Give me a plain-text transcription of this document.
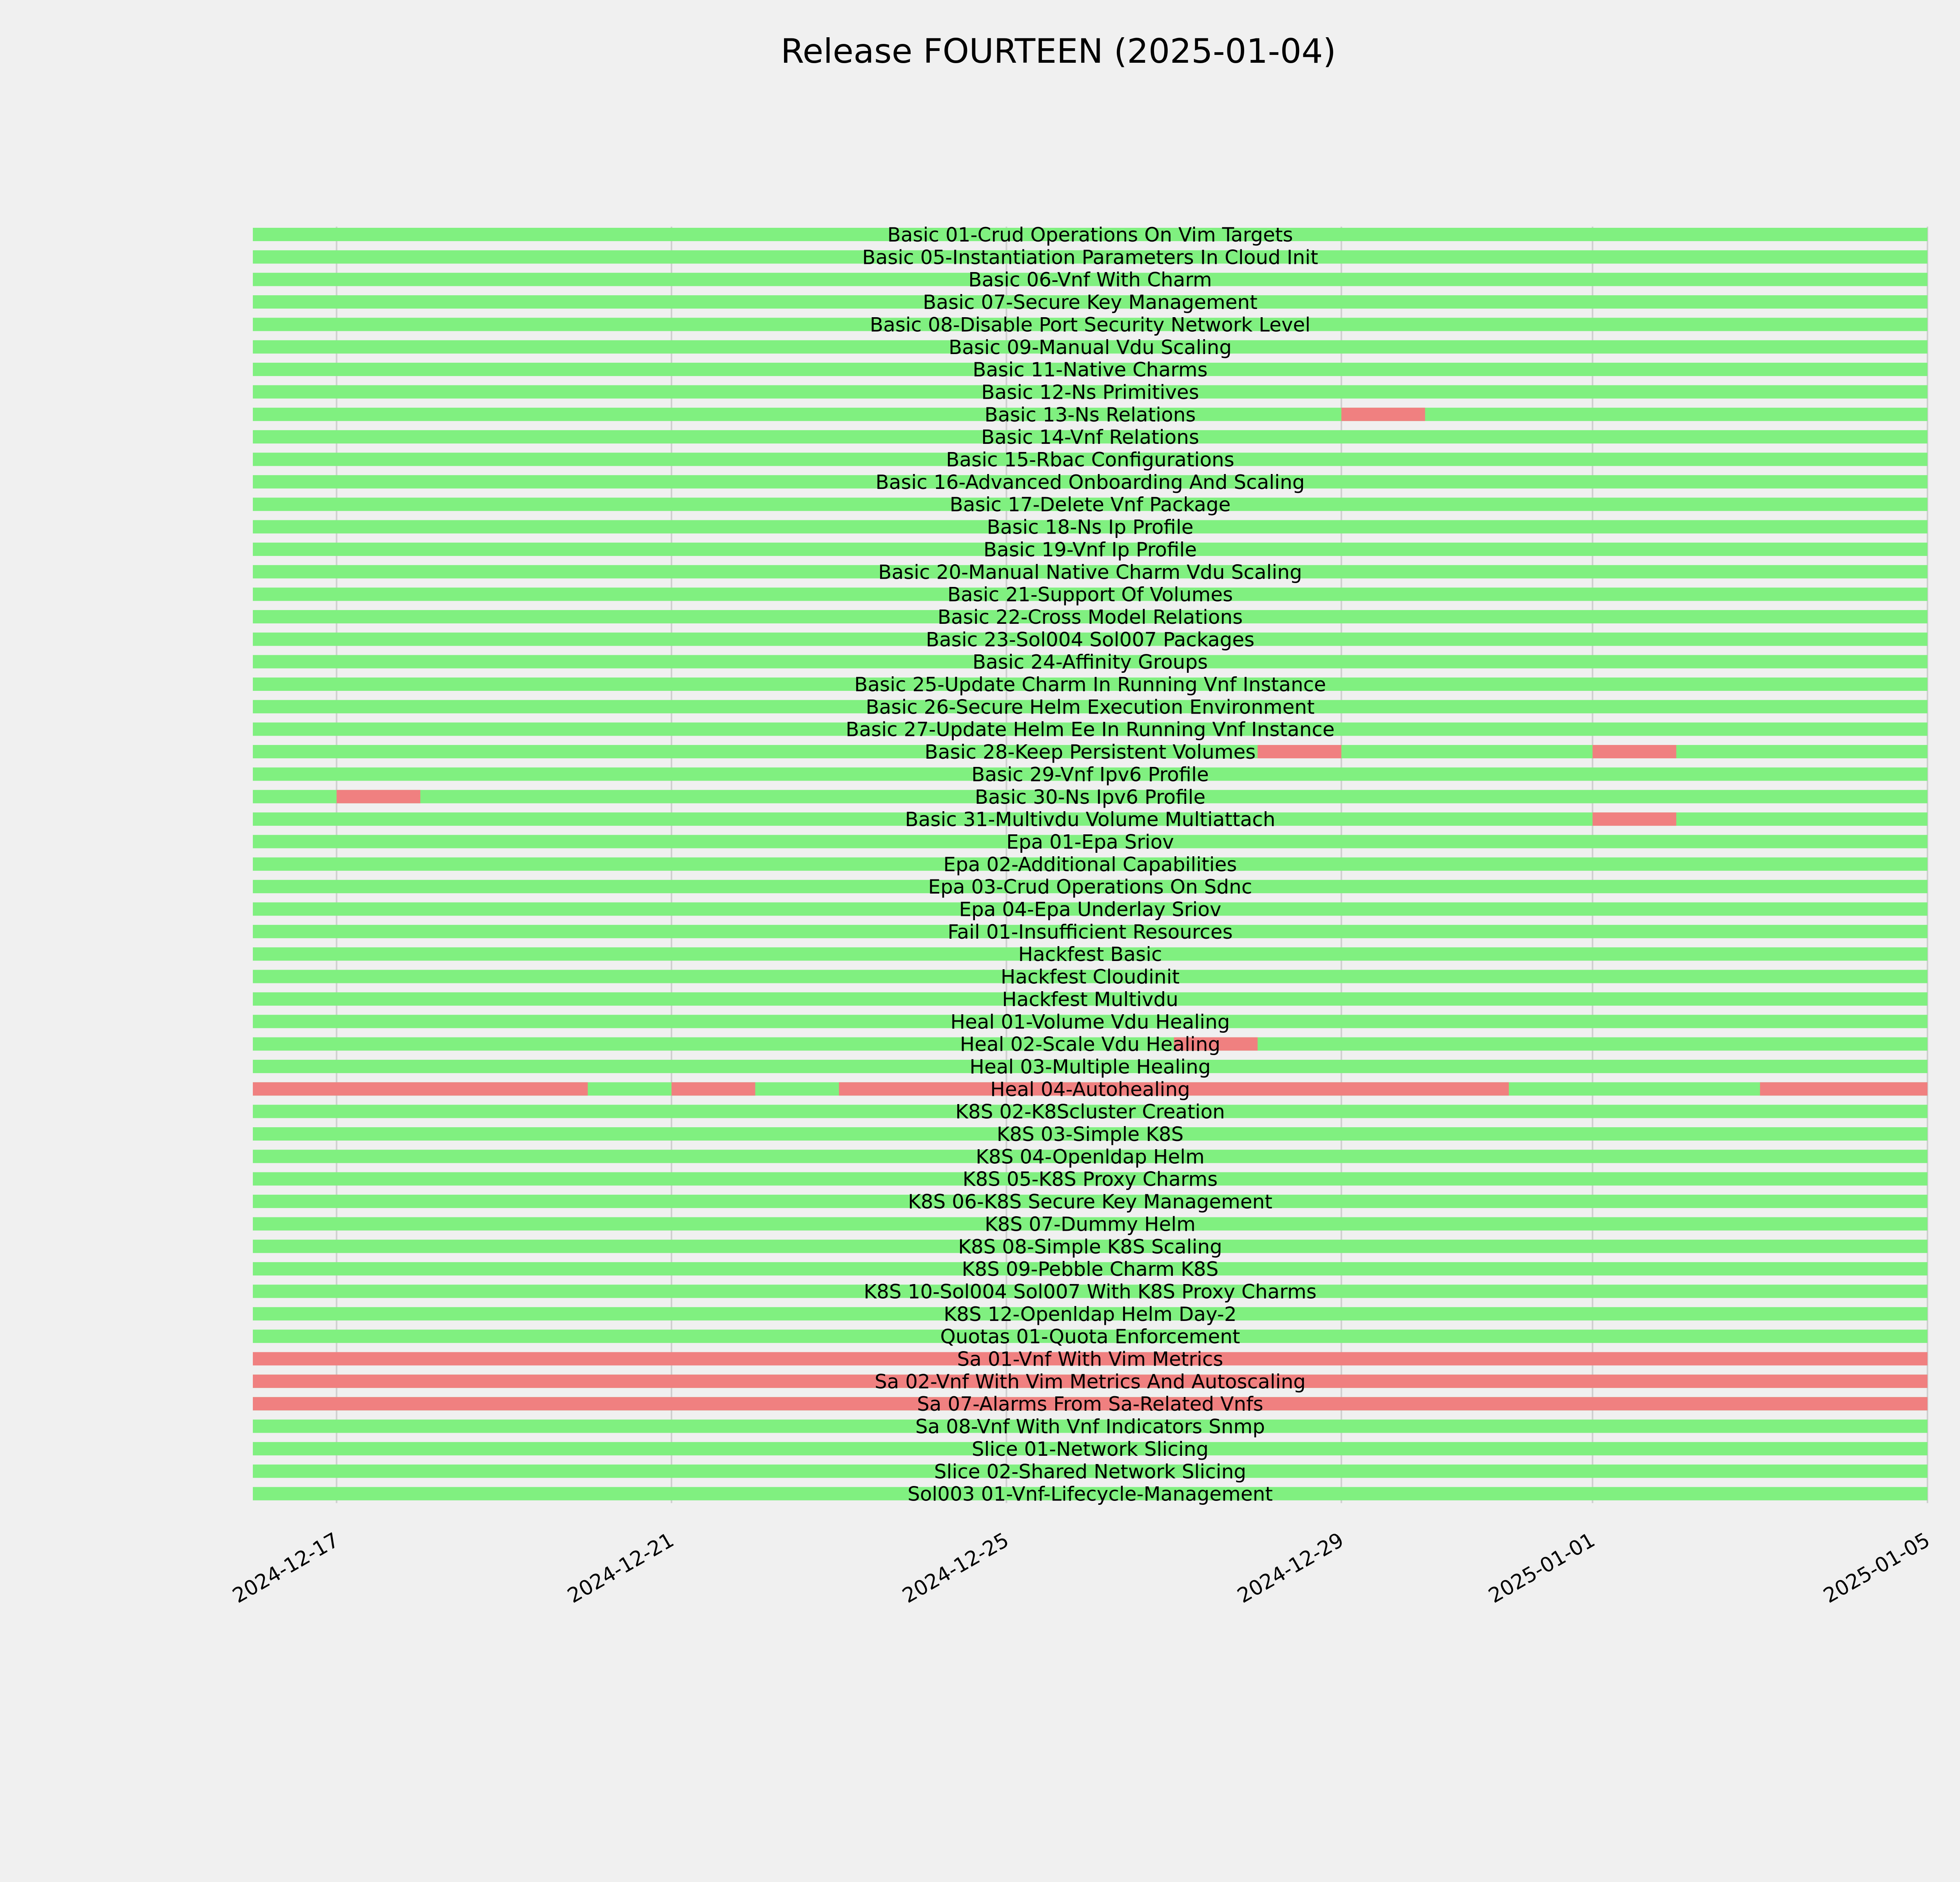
Release FOURTEEN (2025-01-04)
Basic 01-Crud Operations On Vim Targets
Basic 05-Instantiation Parameters In Cloud Init
Basic 06-Vnf With Charm
Basic 07-Secure Key Management
Basic 08-Disable Port Security Network Level
Basic 09-Manual Vdu Scaling
Basic 11-Native Charms
Basic 12-Ns Primitives
Basic 13-Ns Relations
Basic 14-Vnf Relations
Basic 15-Rbac Configurations
Basic 16-Advanced Onboarding And Scaling
Basic 17-Delete Vnf Package
Basic 18-Ns Ip Profile
Basic 19-Vnf Ip Profile
Basic 20-Manual Native Charm Vdu Scaling
Basic 21-Support Of Volumes
Basic 22-Cross Model Relations
Basic 23-Sol004 Sol007 Packages
Basic 24-Affinity Groups
Basic 25-Update Charm In Running Vnf Instance
Basic 26-Secure Helm Execution Environment
Basic 27-Update Helm Ee In Running Vnf Instance
Basic 28-Keep Persistent Volumes
Basic 29-Vnf Ipv6 Profile
Basic 30-Ns Ipv6 Profile
Basic 31-Multivdu Volume Multiattach
Epa 01-Epa Sriov
Epa 02-Additional Capabilities
Epa 03-Crud Operations On Sdnc
Epa 04-Epa Underlay Sriov
Fail 01-Insufficient Resources
Hackfest Basic
Hackfest Cloudinit
Hackfest Multivdu
Heal 01-Volume Vdu Healing
Heal 02-Scale Vdu Healing
Heal 03-Multiple Healing
Heal 04-Autohealing
K8S 02-K8Scluster Creation
K8S 03-Simple K8S
K8S 04-Openldap Helm
K8S 05-K8S Proxy Charms
K8S 06-K8S Secure Key Management
K8S 07-Dummy Helm
K8S 08-Simple K8S Scaling
K8S 09-Pebble Charm K8S
K8S 10-Sol004 Sol007 With K8S Proxy Charms
K8S 12-Openldap Helm Day-2
Quotas 01-Quota Enforcement
Sa 01-Vnf With Vim Metrics
Sa 02-Vnf With Vim Metrics And Autoscaling
Sa 07-Alarms From Sa-Related Vnfs
Sa 08-Vnf With Vnf Indicators Snmp
Slice 01-Network Slicing
Slice 02-Shared Network Slicing
Sol003 01-Vnf-Lifecycle-Management
2024-12-17	2024-12-21	2024-12-25	2024-12-29	2025-01-01	2025-01-05
